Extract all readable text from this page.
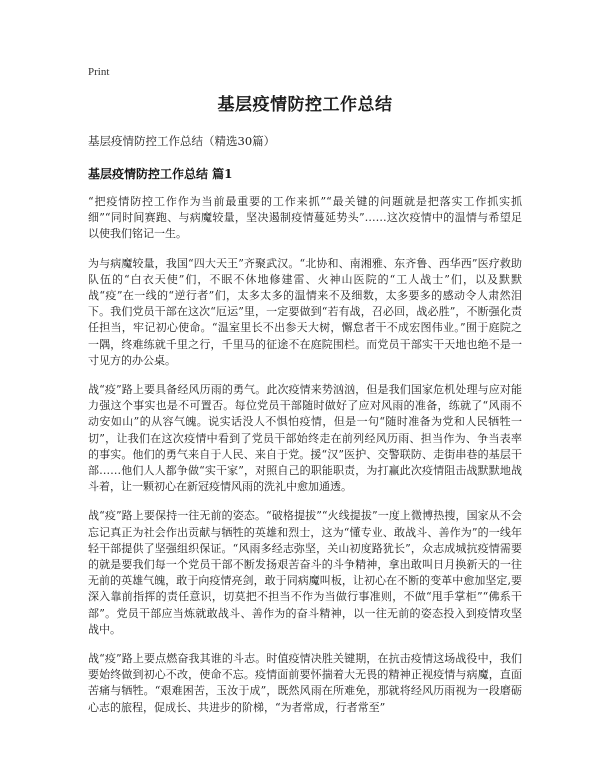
Print
基层疫情防控工作总结
基层疫情防控工作总结（精选30篇）
基层疫情防控工作总结 篇1

“把疫情防控工作作为当前最重要的工作来抓”“最关键的问题就是把落实工作抓实抓细”“同时间赛跑、与病魔较量，坚决遏制疫情蔓延势头”……这次疫情中的温情与希望足以使我们铭记一生。

为与病魔较量，我国“四大天王”齐聚武汉。“北协和、南湘雅、东齐鲁、西华西”医疗救助队伍的“白衣天使”们，不眠不休地修建雷、火神山医院的“工人战士”们，以及默默战“疫”在一线的“逆行者”们，太多太多的温情来不及细数，太多要多的感动令人肃然泪下。我们党员干部在这次“厄运”里，一定要做到“若有战，召必回，战必胜”，不断强化责任担当，牢记初心使命。“温室里长不出参天大树，懈怠者干不成宏图伟业。”囿于庭院之一隅，终难练就千里之行，千里马的征途不在庭院围栏。而党员干部实干天地也绝不是一寸见方的办公桌。

战“疫”路上要具备经风历雨的勇气。此次疫情来势汹汹，但是我们国家危机处理与应对能力强这个事实也是不可置否。每位党员干部随时做好了应对风雨的准备，练就了“风雨不动安如山”的从容气魄。说实话没人不惧怕疫情，但是一句“随时准备为党和人民牺牲一切”，让我们在这次疫情中看到了党员干部始终走在前列经风历雨、担当作为、争当表率的事实。他们的勇气来自于人民、来自于党。援“汉”医护、交警联防、走街串巷的基层干部……他们人人都争做“实干家”，对照自己的职能职责，为打赢此次疫情阻击战默默地战斗着，让一颗初心在新冠疫情风雨的洗礼中愈加通透。

战“疫”路上要保持一往无前的姿态。“破格提拔”“火线提拔”一度上微博热搜，国家从不会忘记真正为社会作出贡献与牺牲的英雄和烈士，这为“懂专业、敢战斗、善作为”的一线年轻干部提供了坚强组织保证。“风雨多经志弥坚，关山初度路犹长”，众志成城抗疫情需要的就是要我们每一个党员干部不断发扬艰苦奋斗的斗争精神，拿出敢叫日月换新天的一往无前的英雄气魄，敢于向疫情亮剑，敢于同病魔叫板，让初心在不断的变革中愈加坚定,要深入靠前指挥的责任意识，切莫把不担当不作为当做行事准则，不做“甩手掌柜”“佛系干部”。党员干部应当炼就敢战斗、善作为的奋斗精神，以一往无前的姿态投入到疫情攻坚战中。

战“疫”路上要点燃奋我其谁的斗志。时值疫情决胜关键期，在抗击疫情这场战役中，我们要始终做到初心不改，使命不忘。疫情面前要怀揣着大无畏的精神正视疫情与病魔，直面苦痛与牺牲。“艰难困苦，玉汝于成”，既然风雨在所难免，那就将经风历雨视为一段磨砺心志的旅程，促成长、共进步的阶梯，“为者常成，行者常至”
